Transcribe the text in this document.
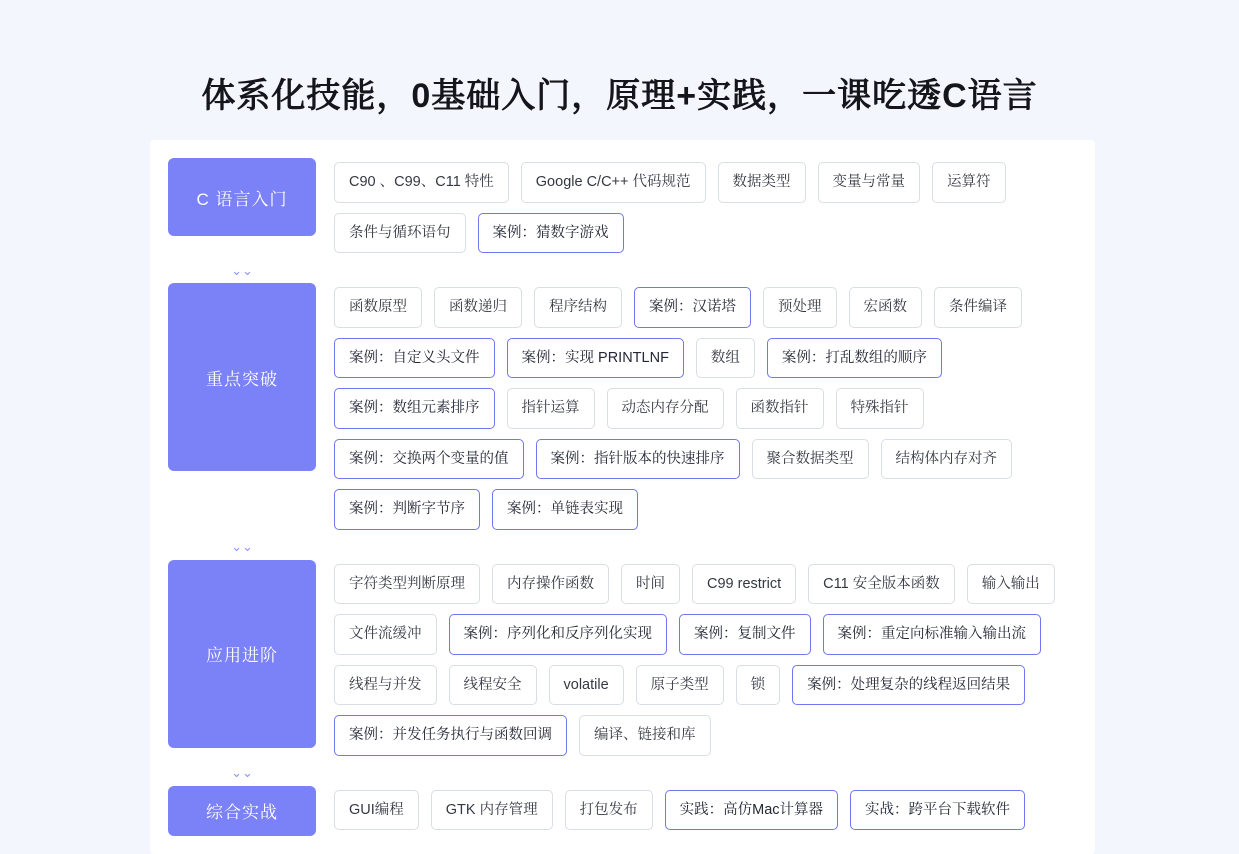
体系化技能，0基础入门，原理+实践，一课吃透C语言
C 语言入门
C90 、C99、C11 特性	Google C/C++ 代码规范	数据类型	变量与常量	运算符
条件与循环语句	案例：猜数字游戏
⌄⌄
重点突破
函数原型	函数递归	程序结构	案例：汉诺塔	预处理	宏函数	条件编译
案例：自定义头文件	案例：实现 PRINTLNF	数组	案例：打乱数组的顺序
案例：数组元素排序	指针运算	动态内存分配	函数指针	特殊指针
案例：交换两个变量的值	案例：指针版本的快速排序	聚合数据类型	结构体内存对齐
案例：判断字节序	案例：单链表实现
⌄⌄
应用进阶
字符类型判断原理	内存操作函数	时间	C99 restrict	C11 安全版本函数	输入输出
文件流缓冲	案例：序列化和反序列化实现	案例：复制文件	案例：重定向标准输入输出流
线程与并发	线程安全	volatile	原子类型	锁	案例：处理复杂的线程返回结果
案例：并发任务执行与函数回调	编译、链接和库
⌄⌄
综合实战	GUI编程	GTK 内存管理	打包发布	实践：高仿Mac计算器	实战：跨平台下载软件
